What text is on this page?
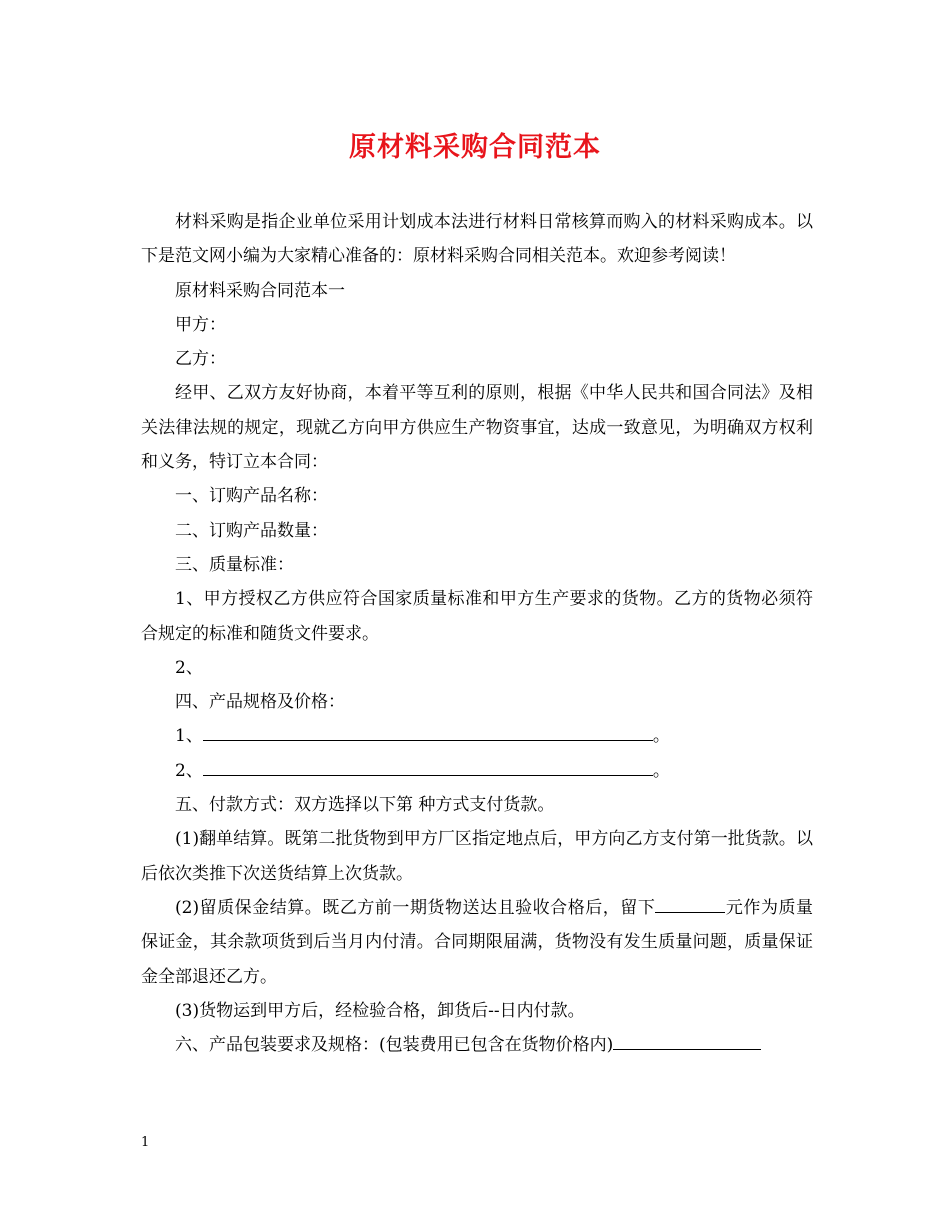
原材料采购合同范本

材料采购是指企业单位采用计划成本法进行材料日常核算而购入的材料采购成本。以下是范文网小编为大家精心准备的：原材料采购合同相关范本。欢迎参考阅读！

原材料采购合同范本一

甲方：

乙方：

经甲、乙双方友好协商，本着平等互利的原则，根据《中华人民共和国合同法》及相关法律法规的规定，现就乙方向甲方供应生产物资事宜，达成一致意见，为明确双方权利和义务，特订立本合同：

一、订购产品名称：

二、订购产品数量：

三、质量标准：

1、甲方授权乙方供应符合国家质量标准和甲方生产要求的货物。乙方的货物必须符合规定的标准和随货文件要求。

2、

四、产品规格及价格：

1、	。

2、	。

五、付款方式：双方选择以下第 种方式支付货款。

(1)翻单结算。既第二批货物到甲方厂区指定地点后，甲方向乙方支付第一批货款。以后依次类推下次送货结算上次货款。

(2)留质保金结算。既乙方前一期货物送达且验收合格后，留下	元作为质量保证金，其余款项货到后当月内付清。合同期限届满，货物没有发生质量问题，质量保证金全部退还乙方。

(3)货物运到甲方后，经检验合格，卸货后--日内付款。

六、产品包装要求及规格：(包装费用已包含在货物价格内)

1
